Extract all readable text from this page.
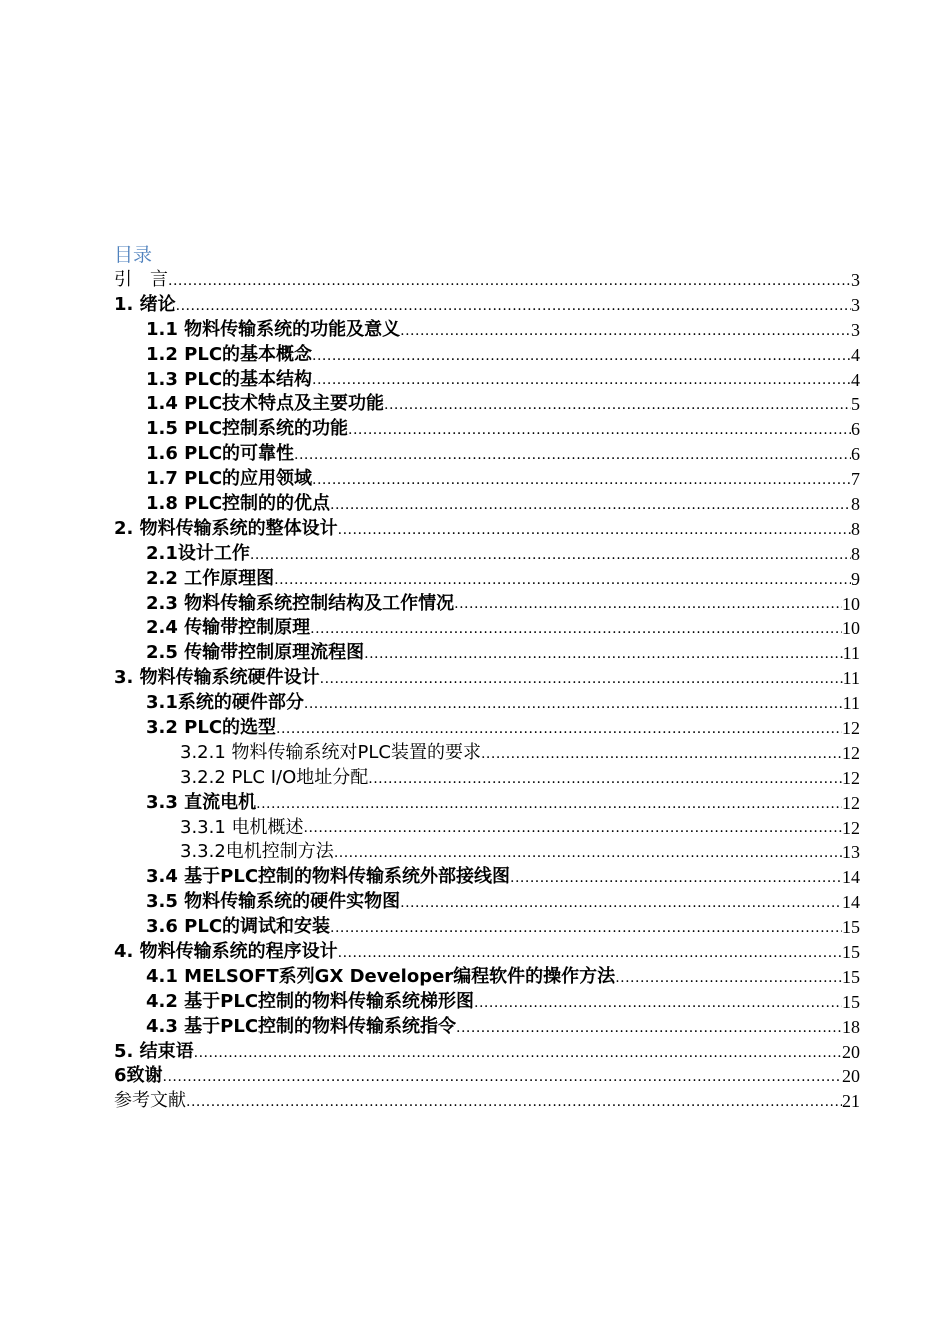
目录
引　言 .....	3
1. 绪论 .....	3
1.1 物料传输系统的功能及意义 .....	3
1.2 PLC的基本概念 .....	4
1.3 PLC的基本结构 .....	4
1.4 PLC技术特点及主要功能 .....	5
1.5 PLC控制系统的功能 .....	6
1.6 PLC的可靠性 .....	6
1.7 PLC的应用领域 .....	7
1.8 PLC控制的的优点 .....	8
2. 物料传输系统的整体设计 .....	8
2.1设计工作 .....	8
2.2 工作原理图 .....	9
2.3 物料传输系统控制结构及工作情况 .....	10
2.4 传输带控制原理 .....	10
2.5 传输带控制原理流程图 .....	11
3. 物料传输系统硬件设计 .....	11
3.1系统的硬件部分 .....	11
3.2 PLC的选型 .....	12
3.2.1 物料传输系统对PLC装置的要求 .....	12
3.2.2 PLC I/O地址分配 .....	12
3.3 直流电机 .....	12
3.3.1 电机概述 .....	12
3.3.2电机控制方法 .....	13
3.4 基于PLC控制的物料传输系统外部接线图 .....	14
3.5 物料传输系统的硬件实物图 .....	14
3.6 PLC的调试和安装 .....	15
4. 物料传输系统的程序设计 .....	15
4.1 MELSOFT系列GX Developer编程软件的操作方法 .....	15
4.2 基于PLC控制的物料传输系统梯形图 .....	15
4.3 基于PLC控制的物料传输系统指令 .....	18
5. 结束语 .....	20
6致谢 .....	20
参考文献 .....	21
